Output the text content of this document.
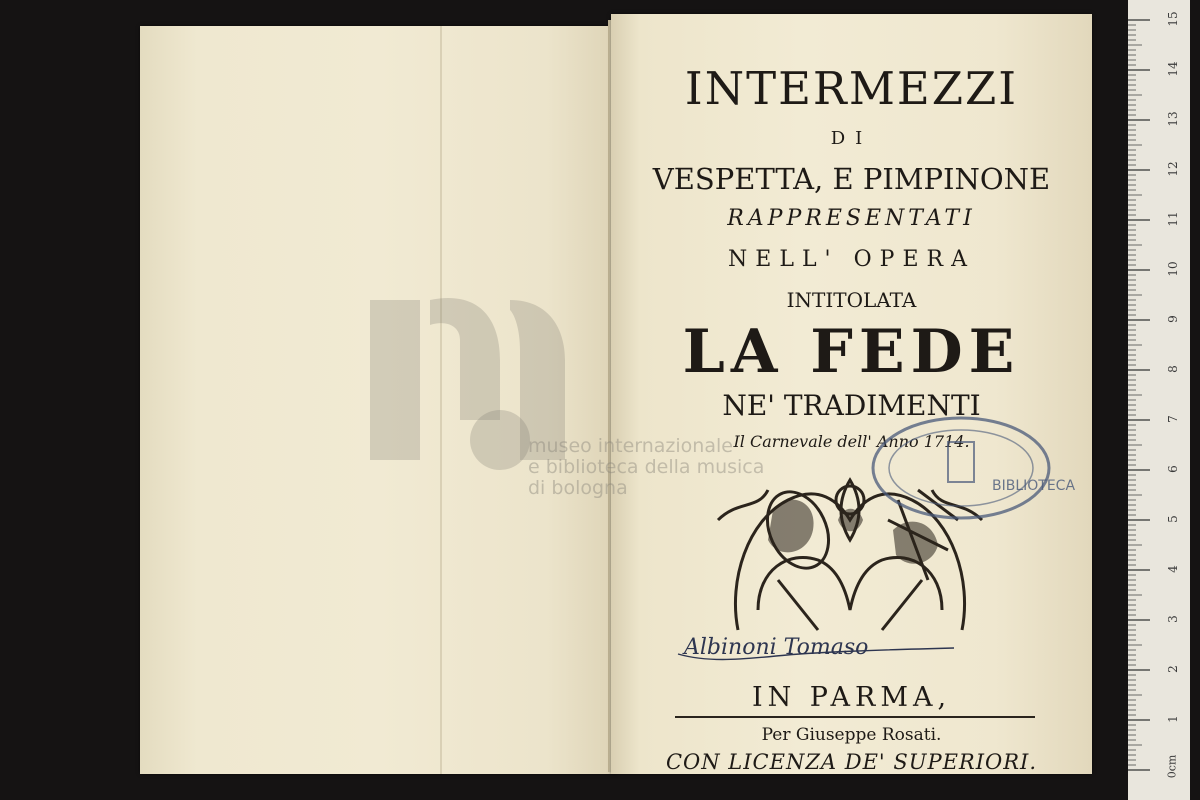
INTERMEZZI
DI
VESPETTA, E PIMPINONE
RAPPRESENTATI
NELL' OPERA
INTITOLATA
LA FEDE
NE' TRADIMENTI
Il Carnevale dell' Anno 1714.
IN PARMA,
Per Giuseppe Rosati.
CON LICENZA DE' SUPERIORI.
BIBLIOTECA
Albinoni Tomaso
museo internazionale
e biblioteca della musica
di bologna
15
14
13
12
11
10
9
8
7
6
5
4
3
2
1
0cm
